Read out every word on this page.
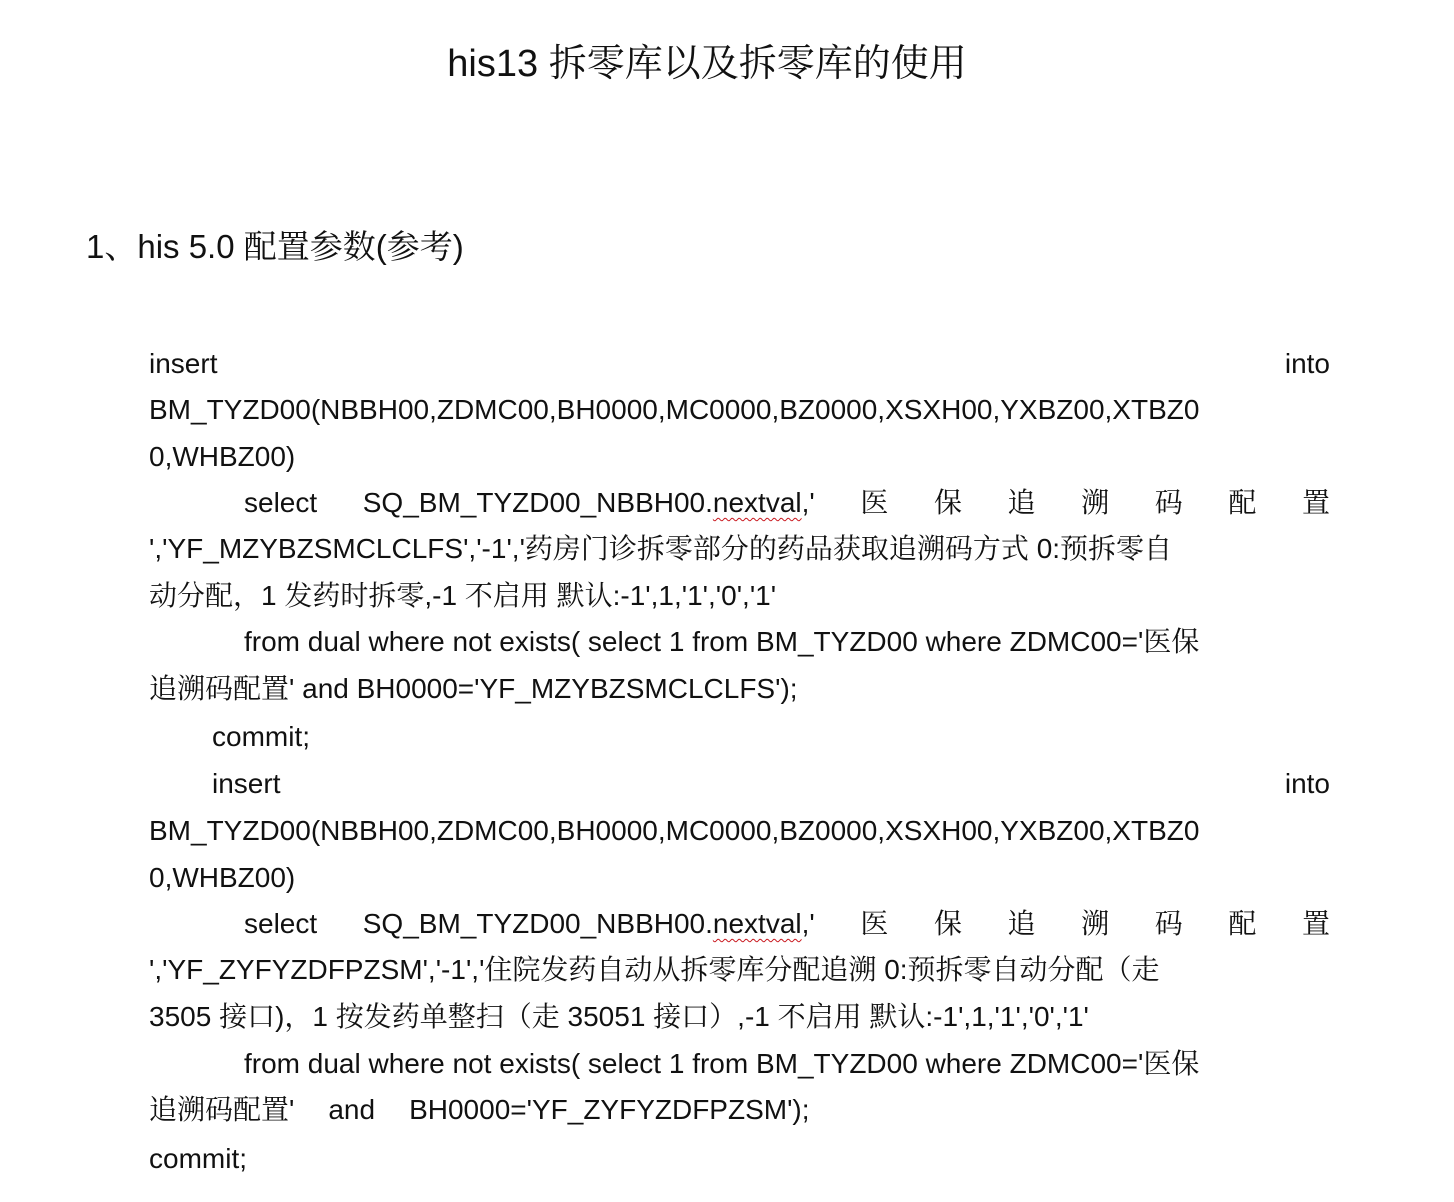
his13 拆零库以及拆零库的使用
1、his 5.0 配置参数(参考)
insert	into
BM_TYZD00(NBBH00,ZDMC00,BH0000,MC0000,BZ0000,XSXH00,YXBZ00,XTBZ0
0,WHBZ00)
select SQ_BM_TYZD00_NBBH00.nextval,' 医 保 追 溯 码 配 置
','YF_MZYBZSMCLCLFS','-1','药房门诊拆零部分的药品获取追溯码方式 0:预拆零自
动分配，1 发药时拆零,-1 不启用 默认:-1',1,'1','0','1'
from dual where not exists( select 1 from BM_TYZD00 where ZDMC00='医保
追溯码配置' and BH0000='YF_MZYBZSMCLCLFS');
commit;
insert	into
BM_TYZD00(NBBH00,ZDMC00,BH0000,MC0000,BZ0000,XSXH00,YXBZ00,XTBZ0
0,WHBZ00)
select SQ_BM_TYZD00_NBBH00.nextval,' 医 保 追 溯 码 配 置
','YF_ZYFYZDFPZSM','-1','住院发药自动从拆零库分配追溯 0:预拆零自动分配（走
3505 接口)，1 按发药单整扫（走 35051 接口）,-1 不启用 默认:-1',1,'1','0','1'
from dual where not exists( select 1 from BM_TYZD00 where ZDMC00='医保
追溯码配置' and BH0000='YF_ZYFYZDFPZSM');
commit;
